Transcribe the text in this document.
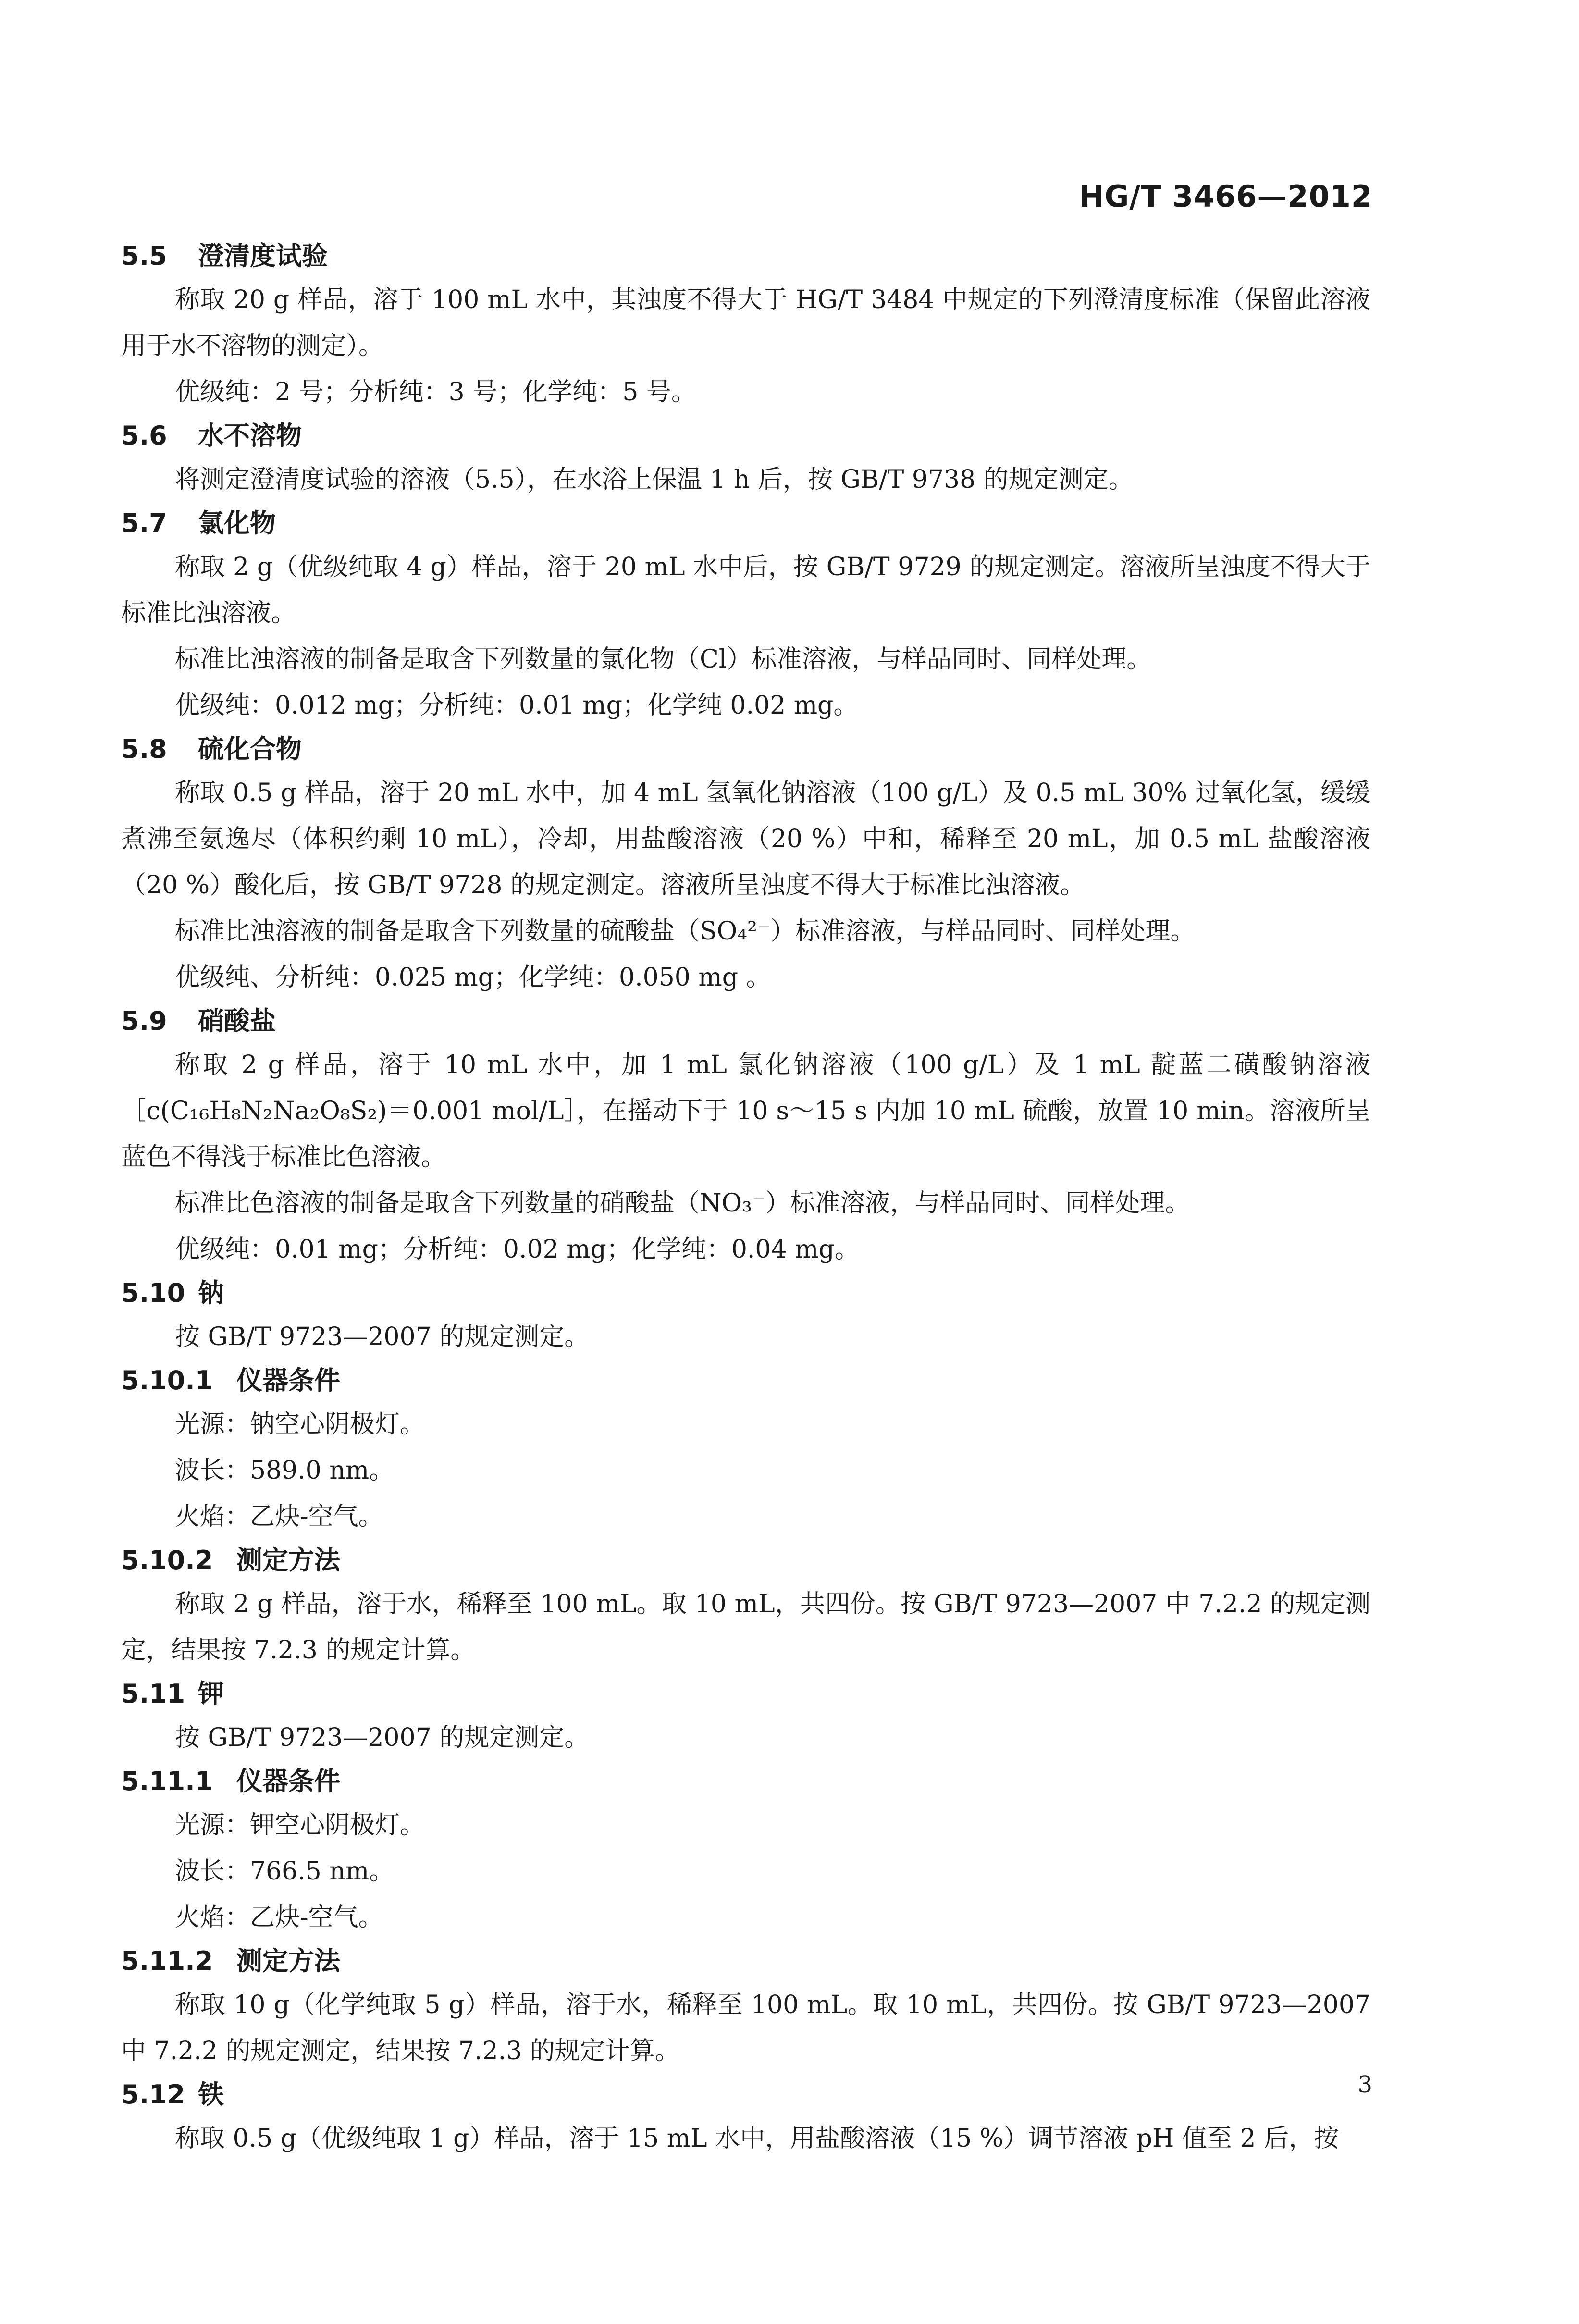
HG/T 3466—2012
5.5 澄清度试验

称取 20 g 样品，溶于 100 mL 水中，其浊度不得大于 HG/T 3484 中规定的下列澄清度标准（保留此溶液用于水不溶物的测定）。

优级纯：2 号；分析纯：3 号；化学纯：5 号。

5.6 水不溶物

将测定澄清度试验的溶液（5.5），在水浴上保温 1 h 后，按 GB/T 9738 的规定测定。

5.7 氯化物

称取 2 g（优级纯取 4 g）样品，溶于 20 mL 水中后，按 GB/T 9729 的规定测定。溶液所呈浊度不得大于标准比浊溶液。

标准比浊溶液的制备是取含下列数量的氯化物（Cl）标准溶液，与样品同时、同样处理。

优级纯：0.012 mg；分析纯：0.01 mg；化学纯 0.02 mg。

5.8 硫化合物

称取 0.5 g 样品，溶于 20 mL 水中，加 4 mL 氢氧化钠溶液（100 g/L）及 0.5 mL 30% 过氧化氢，缓缓煮沸至氨逸尽（体积约剩 10 mL），冷却，用盐酸溶液（20 %）中和，稀释至 20 mL，加 0.5 mL 盐酸溶液（20 %）酸化后，按 GB/T 9728 的规定测定。溶液所呈浊度不得大于标准比浊溶液。

标准比浊溶液的制备是取含下列数量的硫酸盐（SO₄²⁻）标准溶液，与样品同时、同样处理。

优级纯、分析纯：0.025 mg；化学纯：0.050 mg 。

5.9 硝酸盐

称取 2 g 样品，溶于 10 mL 水中，加 1 mL 氯化钠溶液（100 g/L）及 1 mL 靛蓝二磺酸钠溶液［c(C₁₆H₈N₂Na₂O₈S₂)＝0.001 mol/L］，在摇动下于 10 s～15 s 内加 10 mL 硫酸，放置 10 min。溶液所呈蓝色不得浅于标准比色溶液。

标准比色溶液的制备是取含下列数量的硝酸盐（NO₃⁻）标准溶液，与样品同时、同样处理。

优级纯：0.01 mg；分析纯：0.02 mg；化学纯：0.04 mg。

5.10 钠

按 GB/T 9723—2007 的规定测定。

5.10.1 仪器条件

光源：钠空心阴极灯。

波长：589.0 nm。

火焰：乙炔-空气。

5.10.2 测定方法

称取 2 g 样品，溶于水，稀释至 100 mL。取 10 mL，共四份。按 GB/T 9723—2007 中 7.2.2 的规定测定，结果按 7.2.3 的规定计算。

5.11 钾

按 GB/T 9723—2007 的规定测定。

5.11.1 仪器条件

光源：钾空心阴极灯。

波长：766.5 nm。

火焰：乙炔-空气。

5.11.2 测定方法

称取 10 g（化学纯取 5 g）样品，溶于水，稀释至 100 mL。取 10 mL，共四份。按 GB/T 9723—2007 中 7.2.2 的规定测定，结果按 7.2.3 的规定计算。

5.12 铁

称取 0.5 g（优级纯取 1 g）样品，溶于 15 mL 水中，用盐酸溶液（15 %）调节溶液 pH 值至 2 后，按

3
